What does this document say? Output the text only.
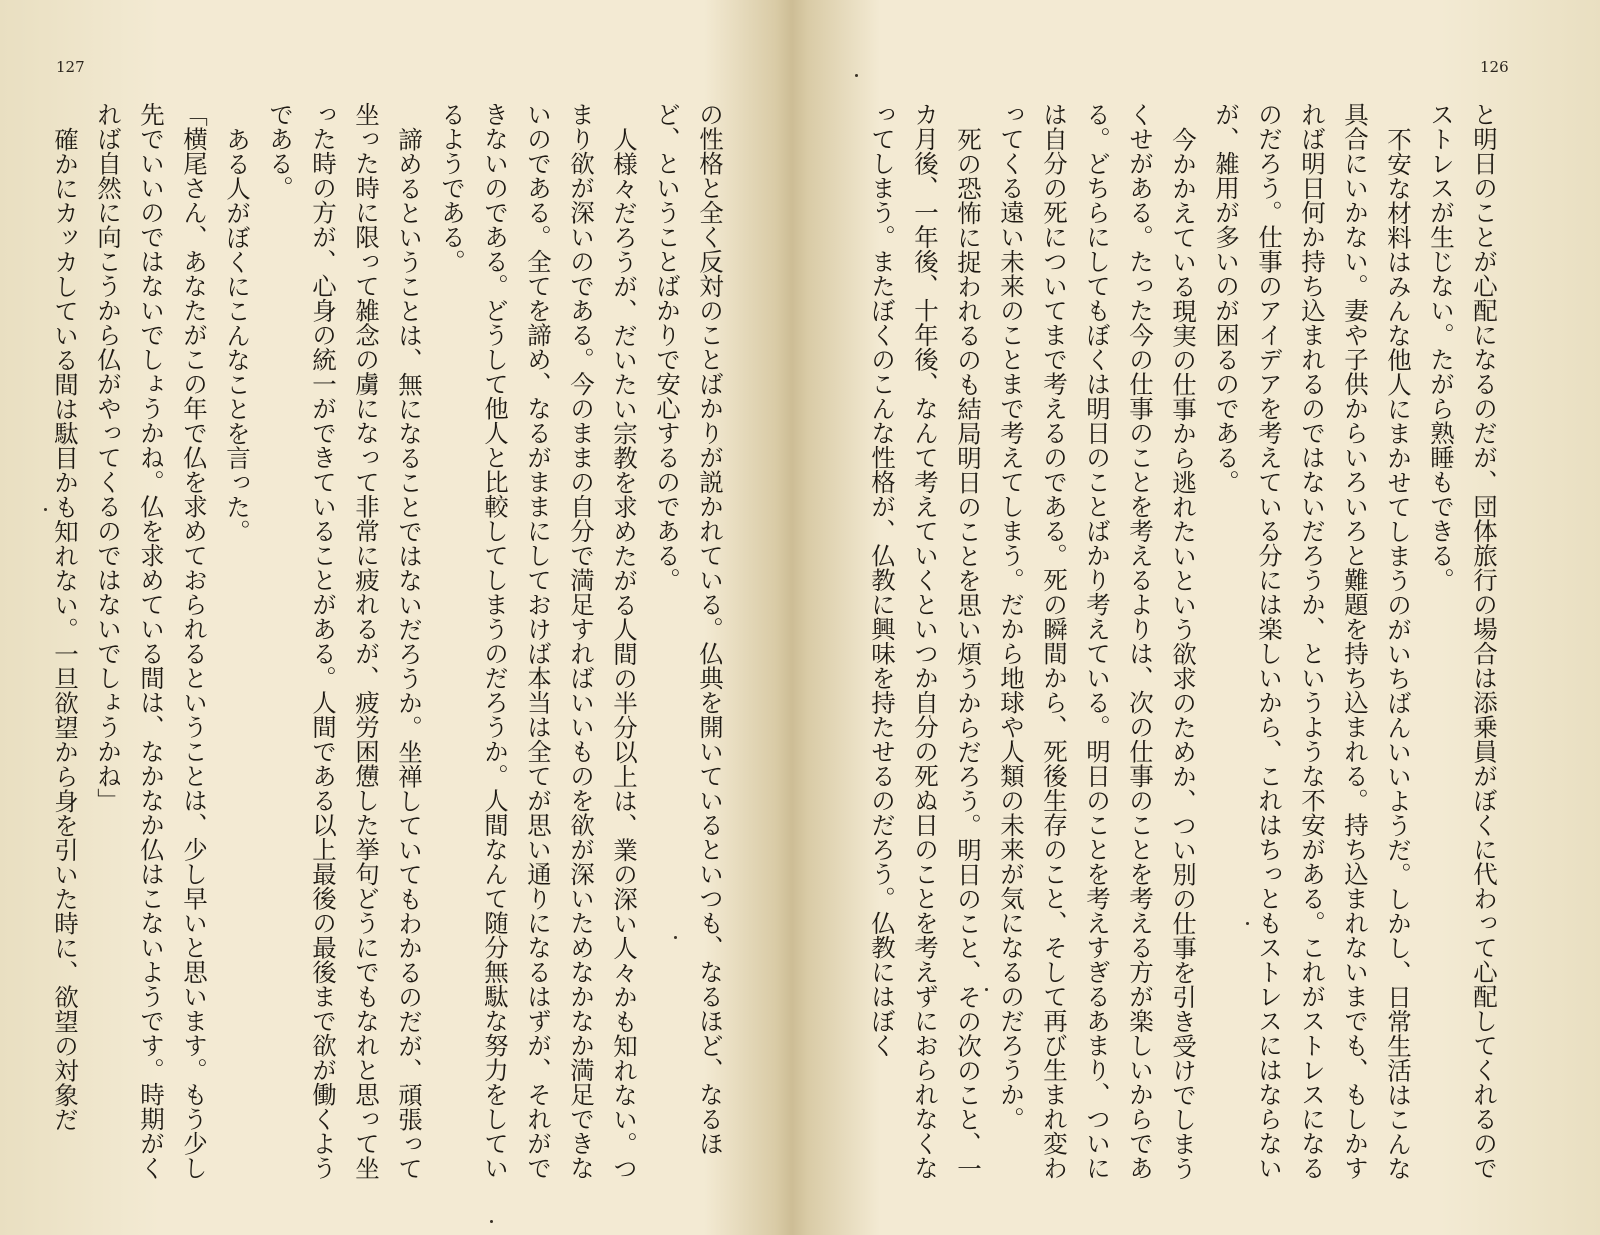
127

の性格と全く反対のことばかりが説かれている。仏典を開いているといつも、なるほど、なるほど、ということばかりで安心するのである。

人様々だろうが、だいたい宗教を求めたがる人間の半分以上は、業の深い人々かも知れない。つまり欲が深いのである。今のままの自分で満足すればいいものを欲が深いためなかなか満足できないのである。全てを諦め、なるがままにしておけば本当は全てが思い通りになるはずが、それができないのである。どうして他人と比較してしまうのだろうか。人間なんて随分無駄な努力をしているようである。

諦めるということは、無になることではないだろうか。坐禅していてもわかるのだが、頑張って坐った時に限って雑念の虜になって非常に疲れるが、疲労困憊した挙句どうにでもなれと思って坐った時の方が、心身の統一ができていることがある。人間である以上最後の最後まで欲が働くようである。

ある人がぼくにこんなことを言った。

「横尾さん、あなたがこの年で仏を求めておられるということは、少し早いと思います。もう少し先でいいのではないでしょうかね。仏を求めている間は、なかなか仏はこないようです。時期がくれば自然に向こうから仏がやってくるのではないでしょうかね」

確かにカッカしている間は駄目かも知れない。一旦欲望から身を引いた時に、欲望の対象だ

126

と明日のことが心配になるのだが、団体旅行の場合は添乗員がぼくに代わって心配してくれるのでストレスが生じない。たがら熟睡もできる。

不安な材料はみんな他人にまかせてしまうのがいちばんいいようだ。しかし、日常生活はこんな具合にいかない。妻や子供からいろいろと難題を持ち込まれる。持ち込まれないまでも、もしかすれば明日何か持ち込まれるのではないだろうか、というような不安がある。これがストレスになるのだろう。仕事のアイデアを考えている分には楽しいから、これはちっともストレスにはならないが、雑用が多いのが困るのである。

今かかえている現実の仕事から逃れたいという欲求のためか、つい別の仕事を引き受けでしまうくせがある。たった今の仕事のことを考えるよりは、次の仕事のことを考える方が楽しいからである。どちらにしてもぼくは明日のことばかり考えている。明日のことを考えすぎるあまり、ついには自分の死についてまで考えるのである。死の瞬間から、死後生存のこと、そして再び生まれ変わってくる遠い未来のことまで考えてしまう。だから地球や人類の未来が気になるのだろうか。

死の恐怖に捉われるのも結局明日のことを思い煩うからだろう。明日のこと、その次のこと、一カ月後、一年後、十年後、なんて考えていくといつか自分の死ぬ日のことを考えずにおられなくなってしまう。またぼくのこんな性格が、仏教に興味を持たせるのだろう。仏教にはぼく
